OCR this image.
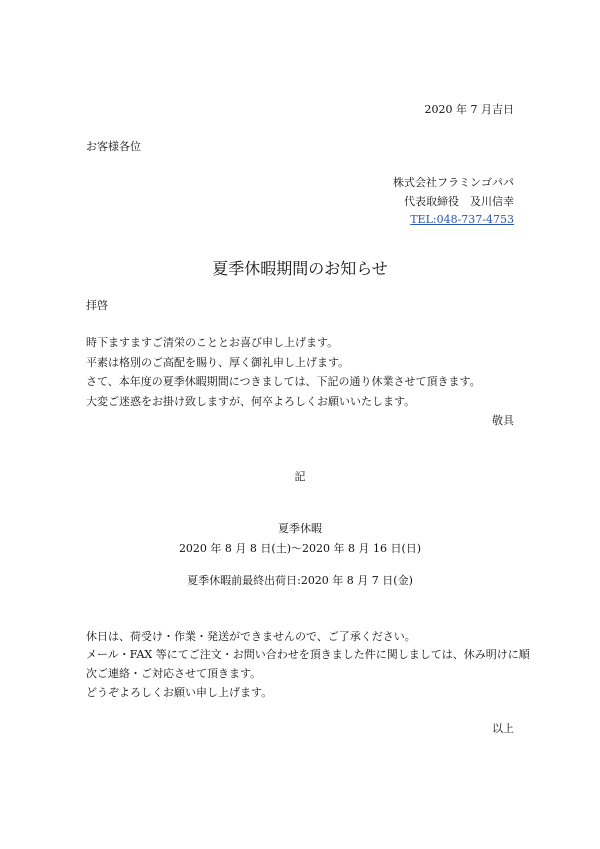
2020 年 7 月吉日
お客様各位
株式会社フラミンゴパパ
代表取締役　及川信幸
TEL:048-737-4753
夏季休暇期間のお知らせ
拝啓
時下ますますご清栄のこととお喜び申し上げます。
平素は格別のご高配を賜り、厚く御礼申し上げます。
さて、本年度の夏季休暇期間につきましては、下記の通り休業させて頂きます。
大変ご迷惑をお掛け致しますが、何卒よろしくお願いいたします。
敬具
記
夏季休暇
2020 年 8 月 8 日(土)～2020 年 8 月 16 日(日)
夏季休暇前最終出荷日:2020 年 8 月 7 日(金)
休日は、荷受け・作業・発送ができませんので、ご了承ください。
メール・FAX 等にてご注文・お問い合わせを頂きました件に関しましては、休み明けに順
次ご連絡・ご対応させて頂きます。
どうぞよろしくお願い申し上げます。
以上
